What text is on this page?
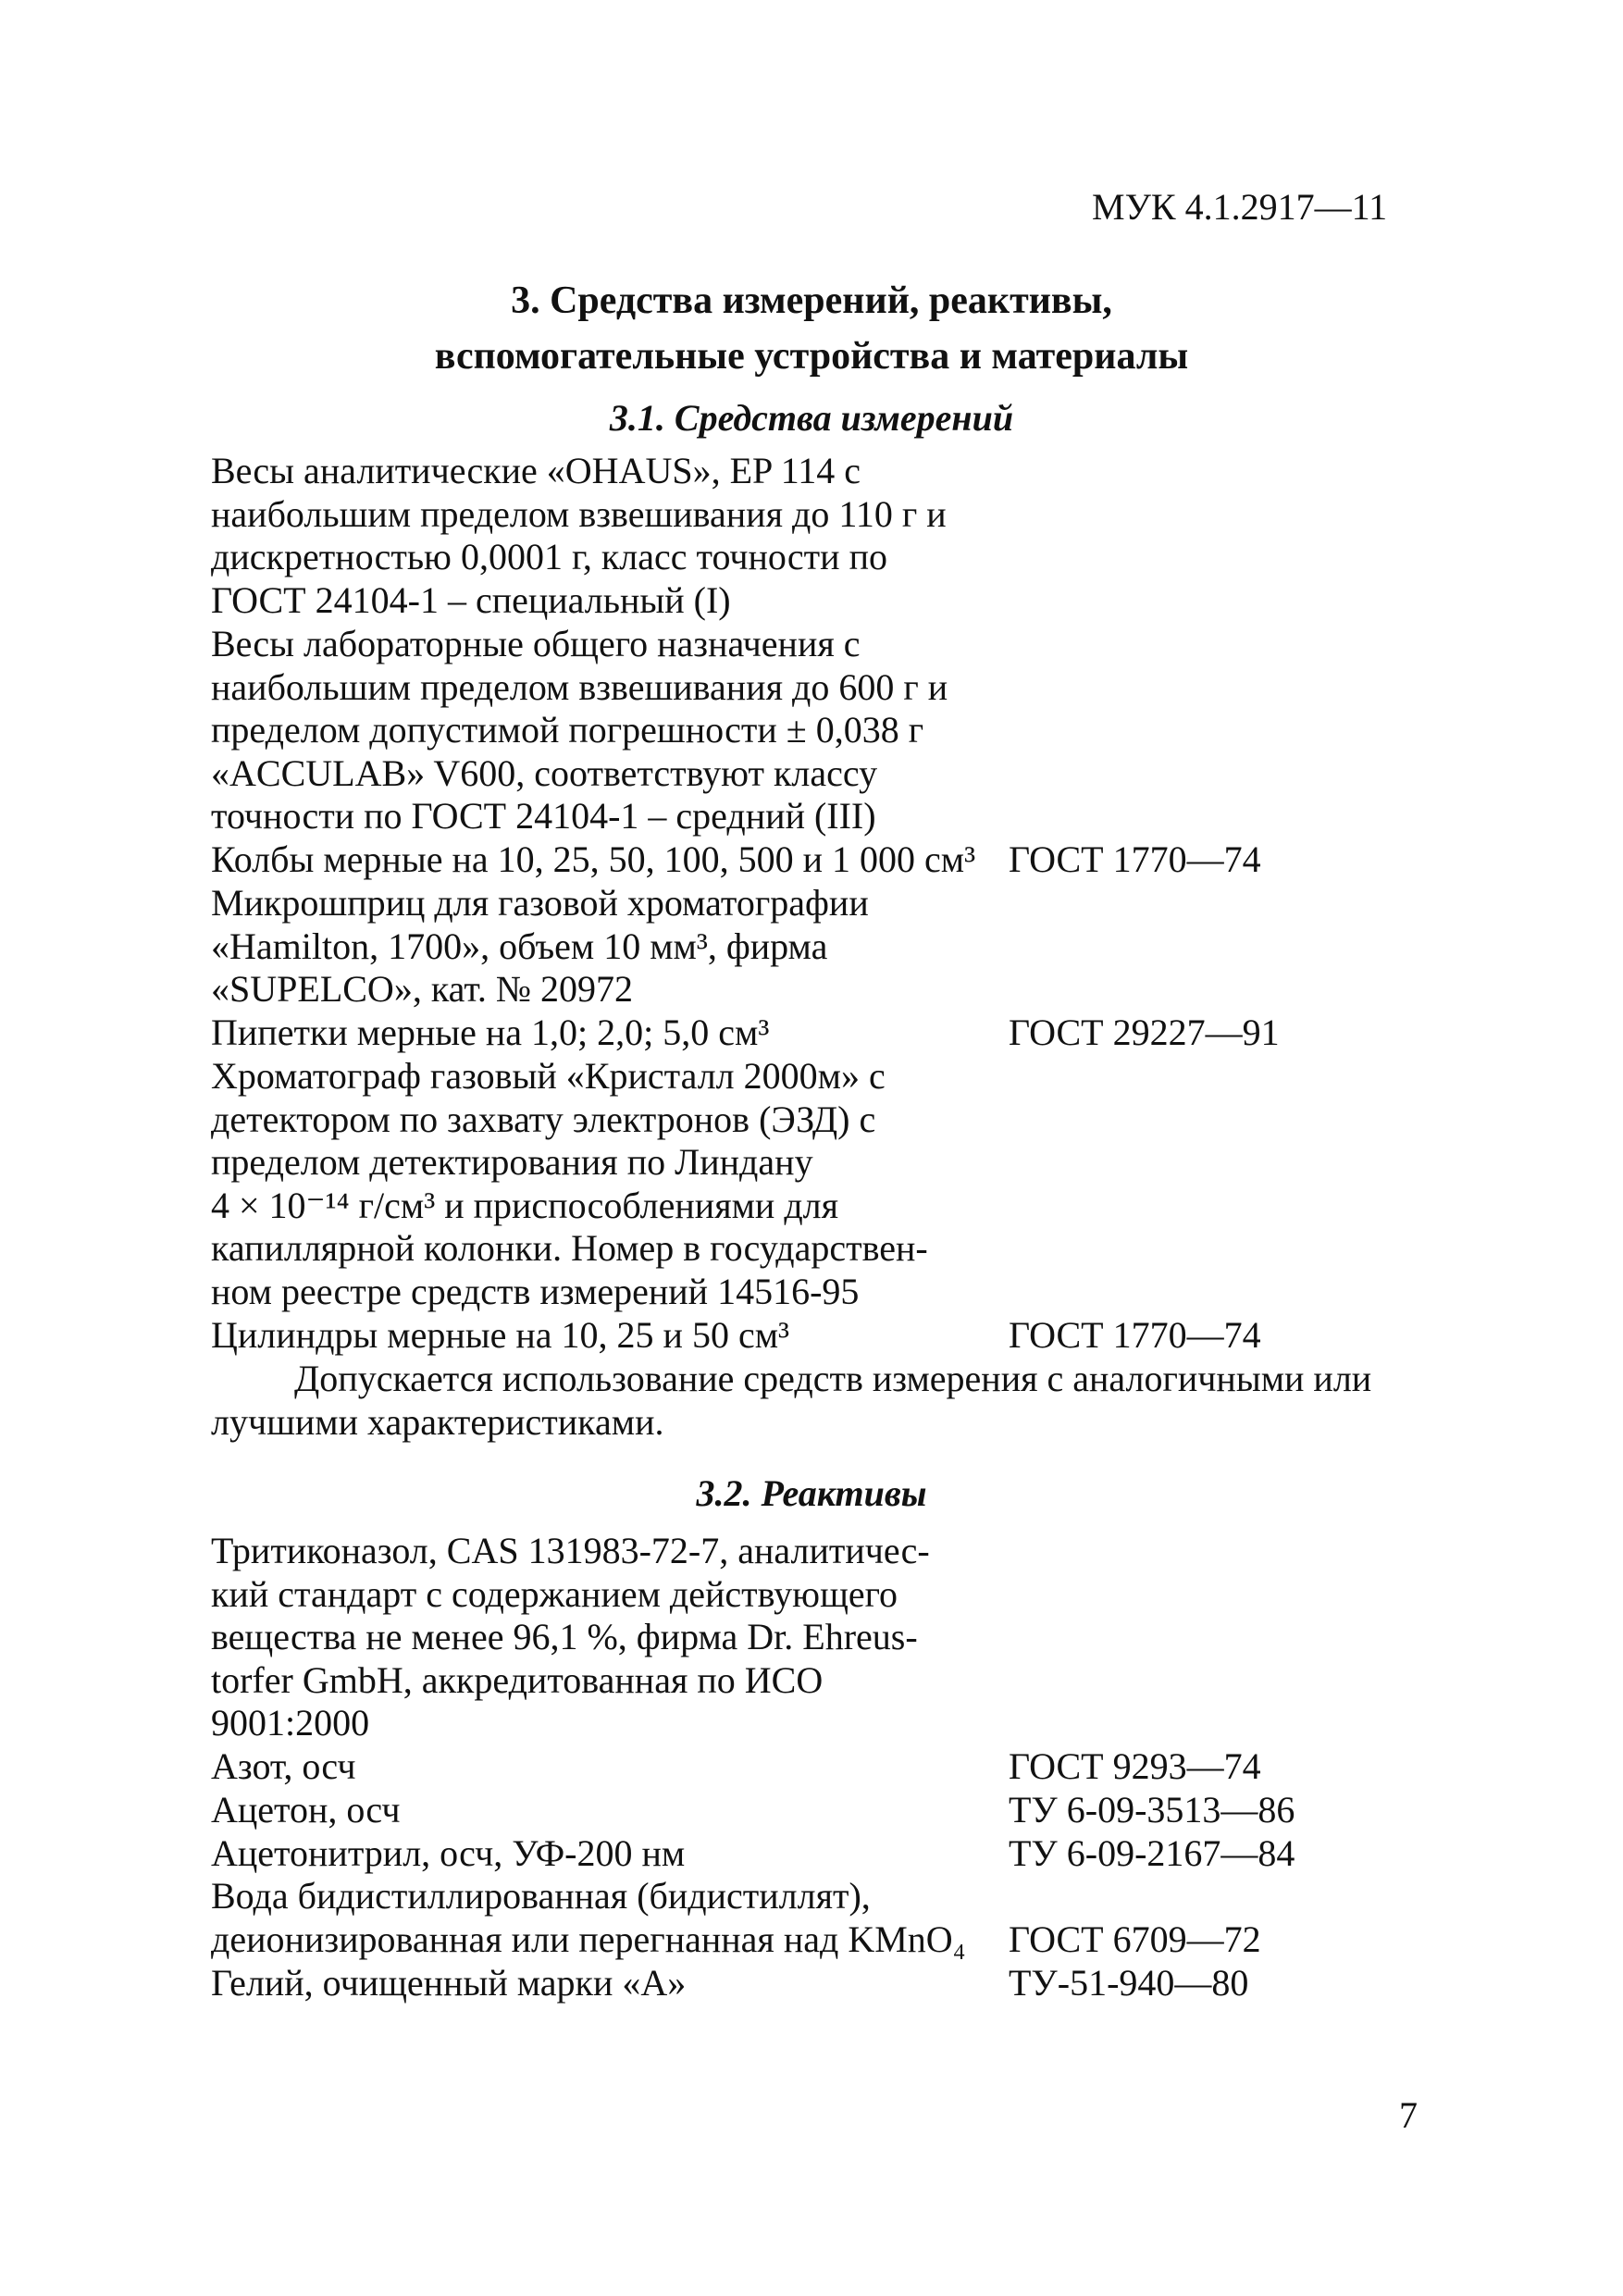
МУК 4.1.2917—11
3. Средства измерений, реактивы,
вспомогательные устройства и материалы
3.1. Средства измерений
Весы аналитические «OHAUS», EP 114 с
наибольшим пределом взвешивания до 110 г и
дискретностью 0,0001 г, класс точности по
ГОСТ 24104-1 – специальный (I)
Весы лабораторные общего назначения с
наибольшим пределом взвешивания до 600 г и
пределом допустимой погрешности ± 0,038 г
«ACCULAB» V600, соответствуют классу
точности по ГОСТ 24104-1 – средний (III)
Колбы мерные на 10, 25, 50, 100, 500 и 1 000 см³ ГОСТ 1770—74
Микрошприц для газовой хроматографии
«Hamilton, 1700», объем 10 мм³, фирма
«SUPELCO», кат. № 20972
Пипетки мерные на 1,0; 2,0; 5,0 см³	ГОСТ 29227—91
Хроматограф газовый «Кристалл 2000м» с
детектором по захвату электронов (ЭЗД) с
пределом детектирования по Линдану
4 × 10⁻¹⁴ г/см³ и приспособлениями для
капиллярной колонки. Номер в государствен-
ном реестре средств измерений 14516-95
Цилиндры мерные на 10, 25 и 50 см³	ГОСТ 1770—74
Допускается использование средств измерения с аналогичными или
лучшими характеристиками.
3.2. Реактивы
Тритиконазол, CAS 131983-72-7, аналитичес-
кий стандарт с содержанием действующего
вещества не менее 96,1 %, фирма Dr. Ehreus-
torfer GmbH, аккредитованная по ИСО
9001:2000
Азот, осч	ГОСТ 9293—74
Ацетон, осч	ТУ 6-09-3513—86
Ацетонитрил, осч, УФ-200 нм	ТУ 6-09-2167—84
Вода бидистиллированная (бидистиллят),
деионизированная или перегнанная над KMnO₄	ГОСТ 6709—72
Гелий, очищенный марки «А»	ТУ-51-940—80
7
